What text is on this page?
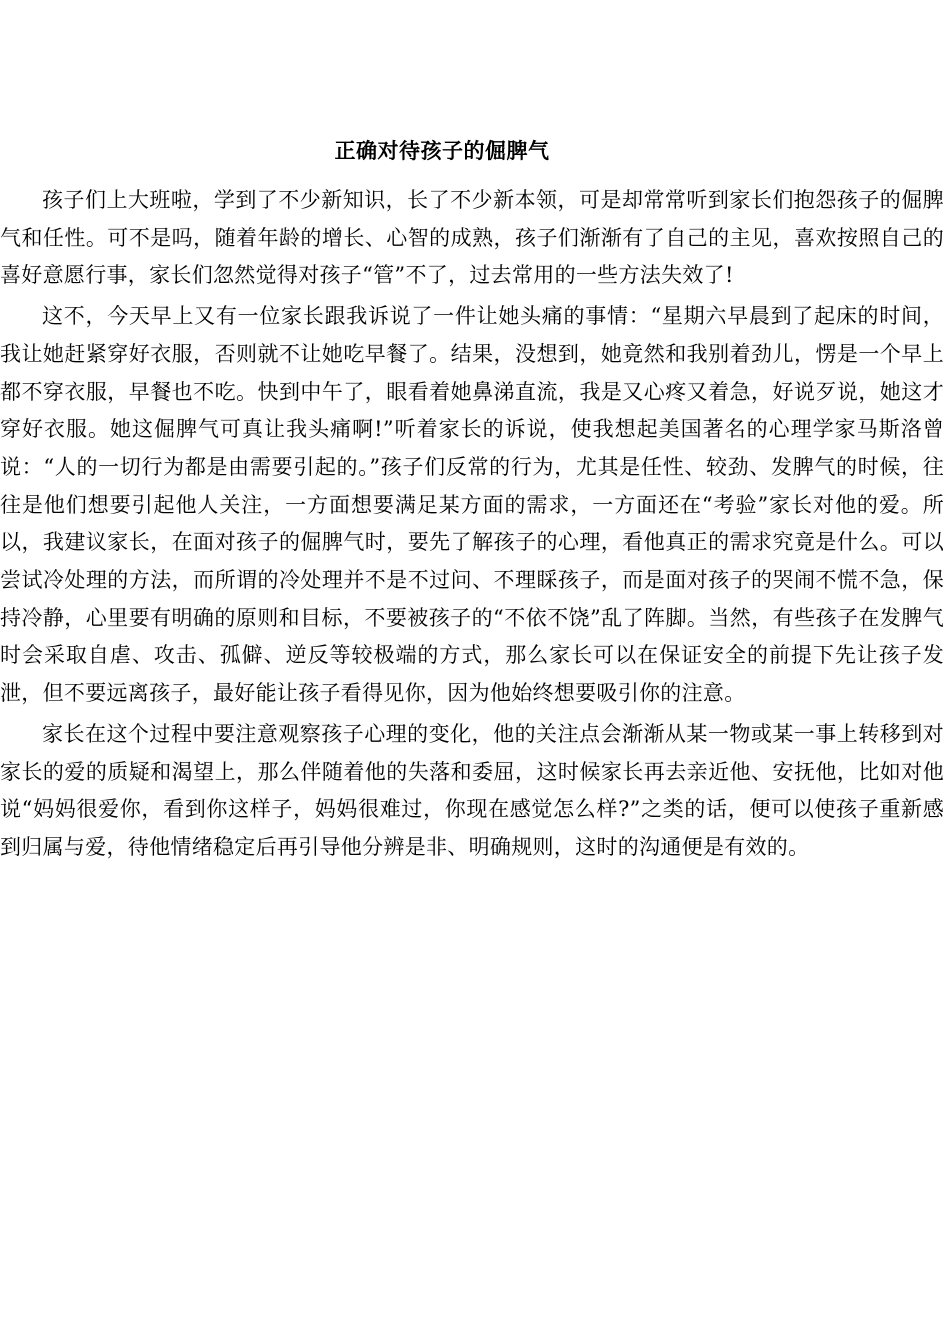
正确对待孩子的倔脾气

孩子们上大班啦，学到了不少新知识，长了不少新本领，可是却常常听到家长们抱怨孩子的倔脾气和任性。可不是吗，随着年龄的增长、心智的成熟，孩子们渐渐有了自己的主见，喜欢按照自己的喜好意愿行事，家长们忽然觉得对孩子“管”不了，过去常用的一些方法失效了!

这不，今天早上又有一位家长跟我诉说了一件让她头痛的事情：“星期六早晨到了起床的时间，我让她赶紧穿好衣服，否则就不让她吃早餐了。结果，没想到，她竟然和我别着劲儿，愣是一个早上都不穿衣服，早餐也不吃。快到中午了，眼看着她鼻涕直流，我是又心疼又着急，好说歹说，她这才穿好衣服。她这倔脾气可真让我头痛啊!”听着家长的诉说，使我想起美国著名的心理学家马斯洛曾说：“人的一切行为都是由需要引起的。”孩子们反常的行为，尤其是任性、较劲、发脾气的时候，往往是他们想要引起他人关注，一方面想要满足某方面的需求，一方面还在“考验”家长对他的爱。所以，我建议家长，在面对孩子的倔脾气时，要先了解孩子的心理，看他真正的需求究竟是什么。可以尝试冷处理的方法，而所谓的冷处理并不是不过问、不理睬孩子，而是面对孩子的哭闹不慌不急，保持冷静，心里要有明确的原则和目标，不要被孩子的“不依不饶”乱了阵脚。当然，有些孩子在发脾气时会采取自虐、攻击、孤僻、逆反等较极端的方式，那么家长可以在保证安全的前提下先让孩子发泄，但不要远离孩子，最好能让孩子看得见你，因为他始终想要吸引你的注意。

家长在这个过程中要注意观察孩子心理的变化，他的关注点会渐渐从某一物或某一事上转移到对家长的爱的质疑和渴望上，那么伴随着他的失落和委屈，这时候家长再去亲近他、安抚他，比如对他说“妈妈很爱你，看到你这样子，妈妈很难过，你现在感觉怎么样?”之类的话，便可以使孩子重新感到归属与爱，待他情绪稳定后再引导他分辨是非、明确规则，这时的沟通便是有效的。
